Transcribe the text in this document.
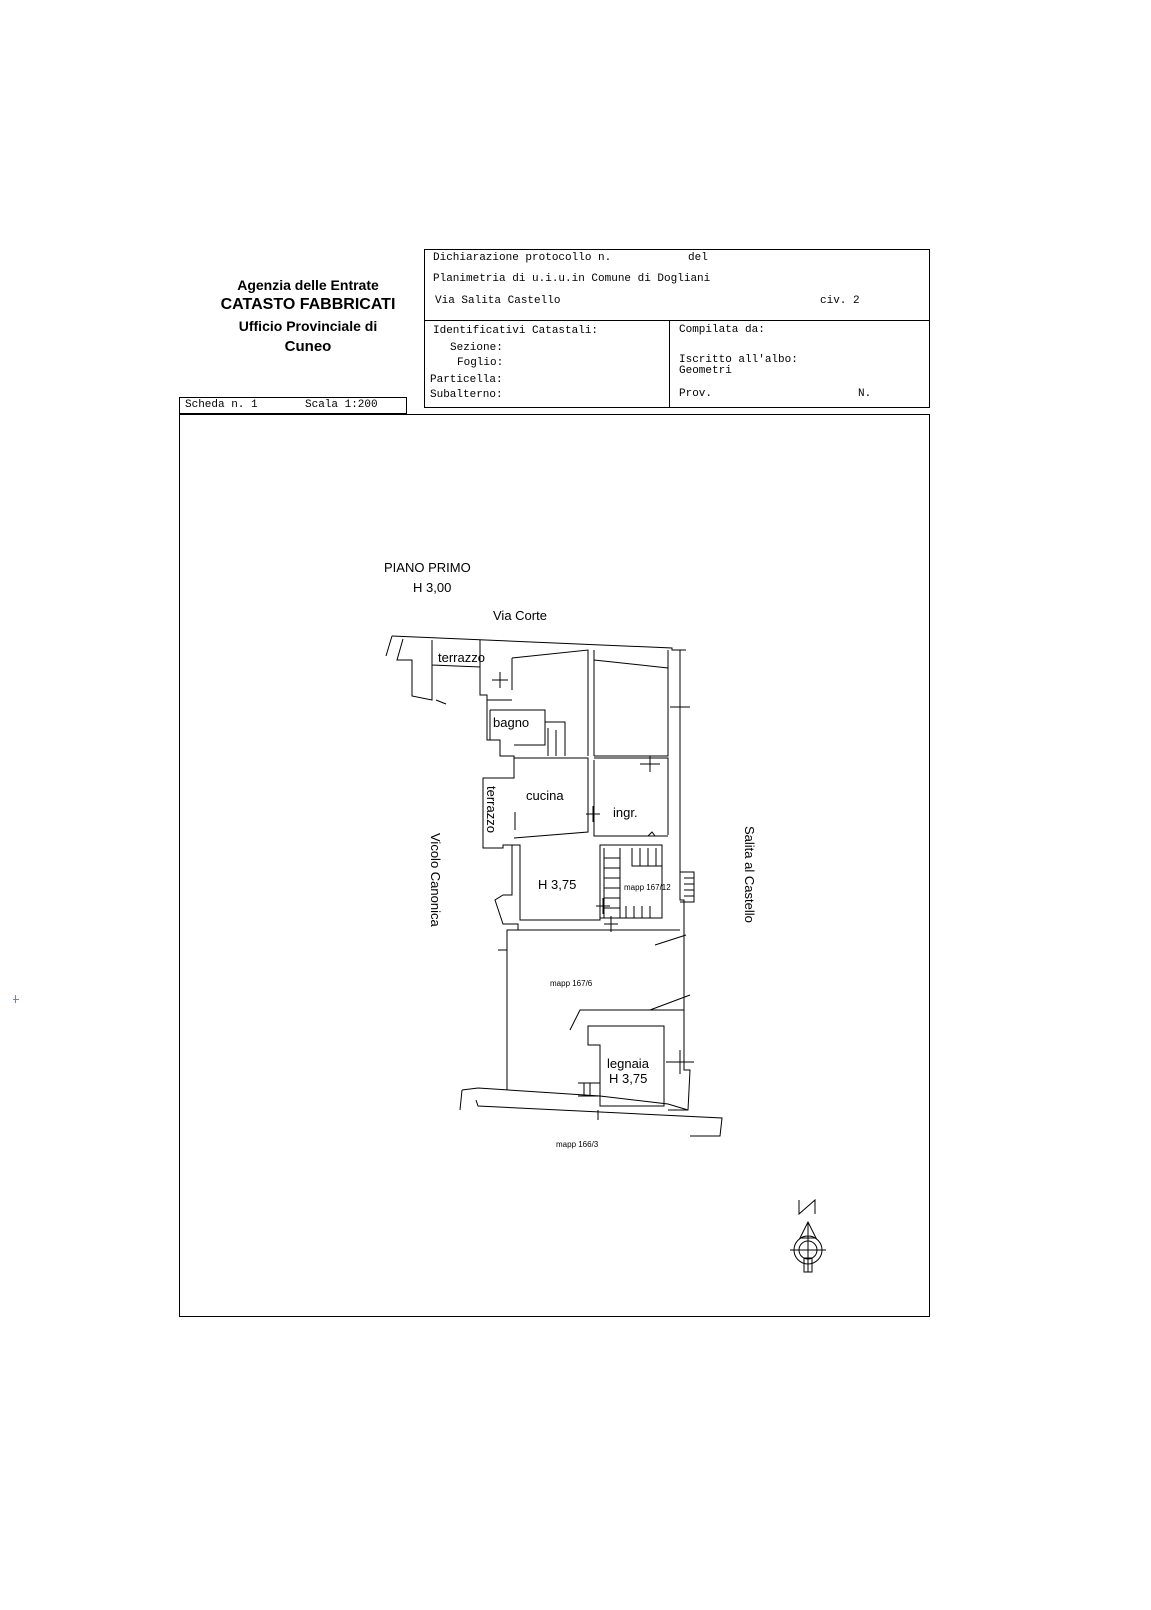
Agenzia delle Entrate
CATASTO FABBRICATI
Ufficio Provinciale di
Cuneo
Dichiarazione protocollo n.	del
Planimetria di u.i.u.in Comune di Dogliani
Via Salita Castello	civ. 2
Identificativi Catastali:
Sezione:
Foglio:
Particella:
Subalterno:
Compilata da:
Iscritto all'albo:
Geometri
Prov.	N.
Scheda n. 1	Scala 1:200
PIANO PRIMO
H 3,00
Via Corte
terrazzo
bagno
terrazzo cucina
ingr.
H 3,75	mapp 167/12
mapp 167/6
legnaia
H 3,75
mapp 166/3
Vicolo Canonica	Salita al Castello
